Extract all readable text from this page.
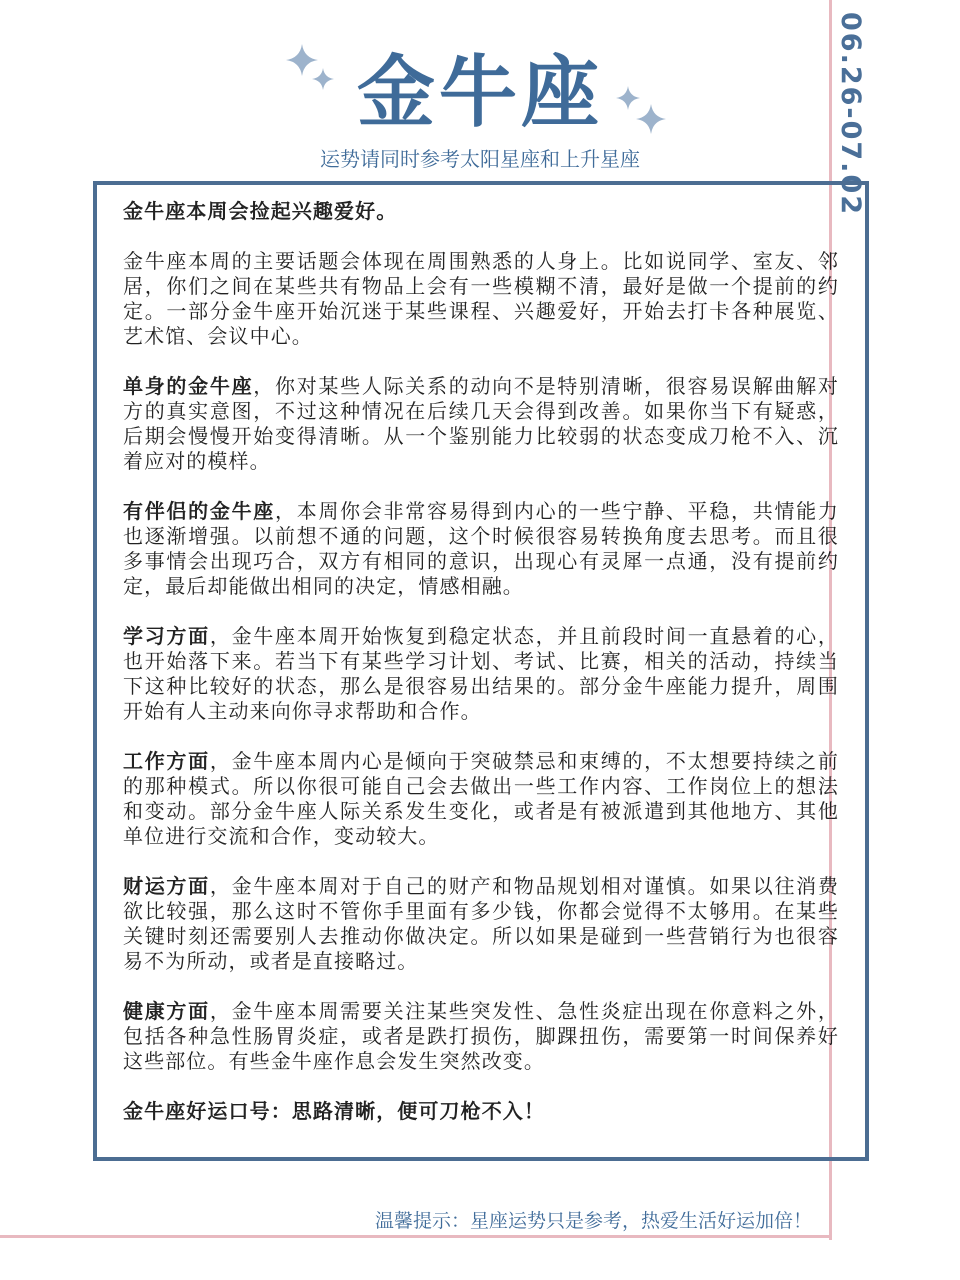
06.26-07.02
金牛座
运势请同时参考太阳星座和上升星座

金牛座本周会捡起兴趣爱好。

金牛座本周的主要话题会体现在周围熟悉的人身上。比如说同学、室友、邻居，你们之间在某些共有物品上会有一些模糊不清，最好是做一个提前的约定。一部分金牛座开始沉迷于某些课程、兴趣爱好，开始去打卡各种展览、艺术馆、会议中心。

单身的金牛座，你对某些人际关系的动向不是特别清晰，很容易误解曲解对方的真实意图，不过这种情况在后续几天会得到改善。如果你当下有疑惑，后期会慢慢开始变得清晰。从一个鉴别能力比较弱的状态变成刀枪不入、沉着应对的模样。

有伴侣的金牛座，本周你会非常容易得到内心的一些宁静、平稳，共情能力也逐渐增强。以前想不通的问题，这个时候很容易转换角度去思考。而且很多事情会出现巧合，双方有相同的意识，出现心有灵犀一点通，没有提前约定，最后却能做出相同的决定，情感相融。

学习方面，金牛座本周开始恢复到稳定状态，并且前段时间一直悬着的心，也开始落下来。若当下有某些学习计划、考试、比赛，相关的活动，持续当下这种比较好的状态，那么是很容易出结果的。部分金牛座能力提升，周围开始有人主动来向你寻求帮助和合作。

工作方面，金牛座本周内心是倾向于突破禁忌和束缚的，不太想要持续之前的那种模式。所以你很可能自己会去做出一些工作内容、工作岗位上的想法和变动。部分金牛座人际关系发生变化，或者是有被派遣到其他地方、其他单位进行交流和合作，变动较大。

财运方面，金牛座本周对于自己的财产和物品规划相对谨慎。如果以往消费欲比较强，那么这时不管你手里面有多少钱，你都会觉得不太够用。在某些关键时刻还需要别人去推动你做决定。所以如果是碰到一些营销行为也很容易不为所动，或者是直接略过。

健康方面，金牛座本周需要关注某些突发性、急性炎症出现在你意料之外，包括各种急性肠胃炎症，或者是跌打损伤，脚踝扭伤，需要第一时间保养好这些部位。有些金牛座作息会发生突然改变。

金牛座好运口号：思路清晰，便可刀枪不入！

温馨提示：星座运势只是参考，热爱生活好运加倍！
